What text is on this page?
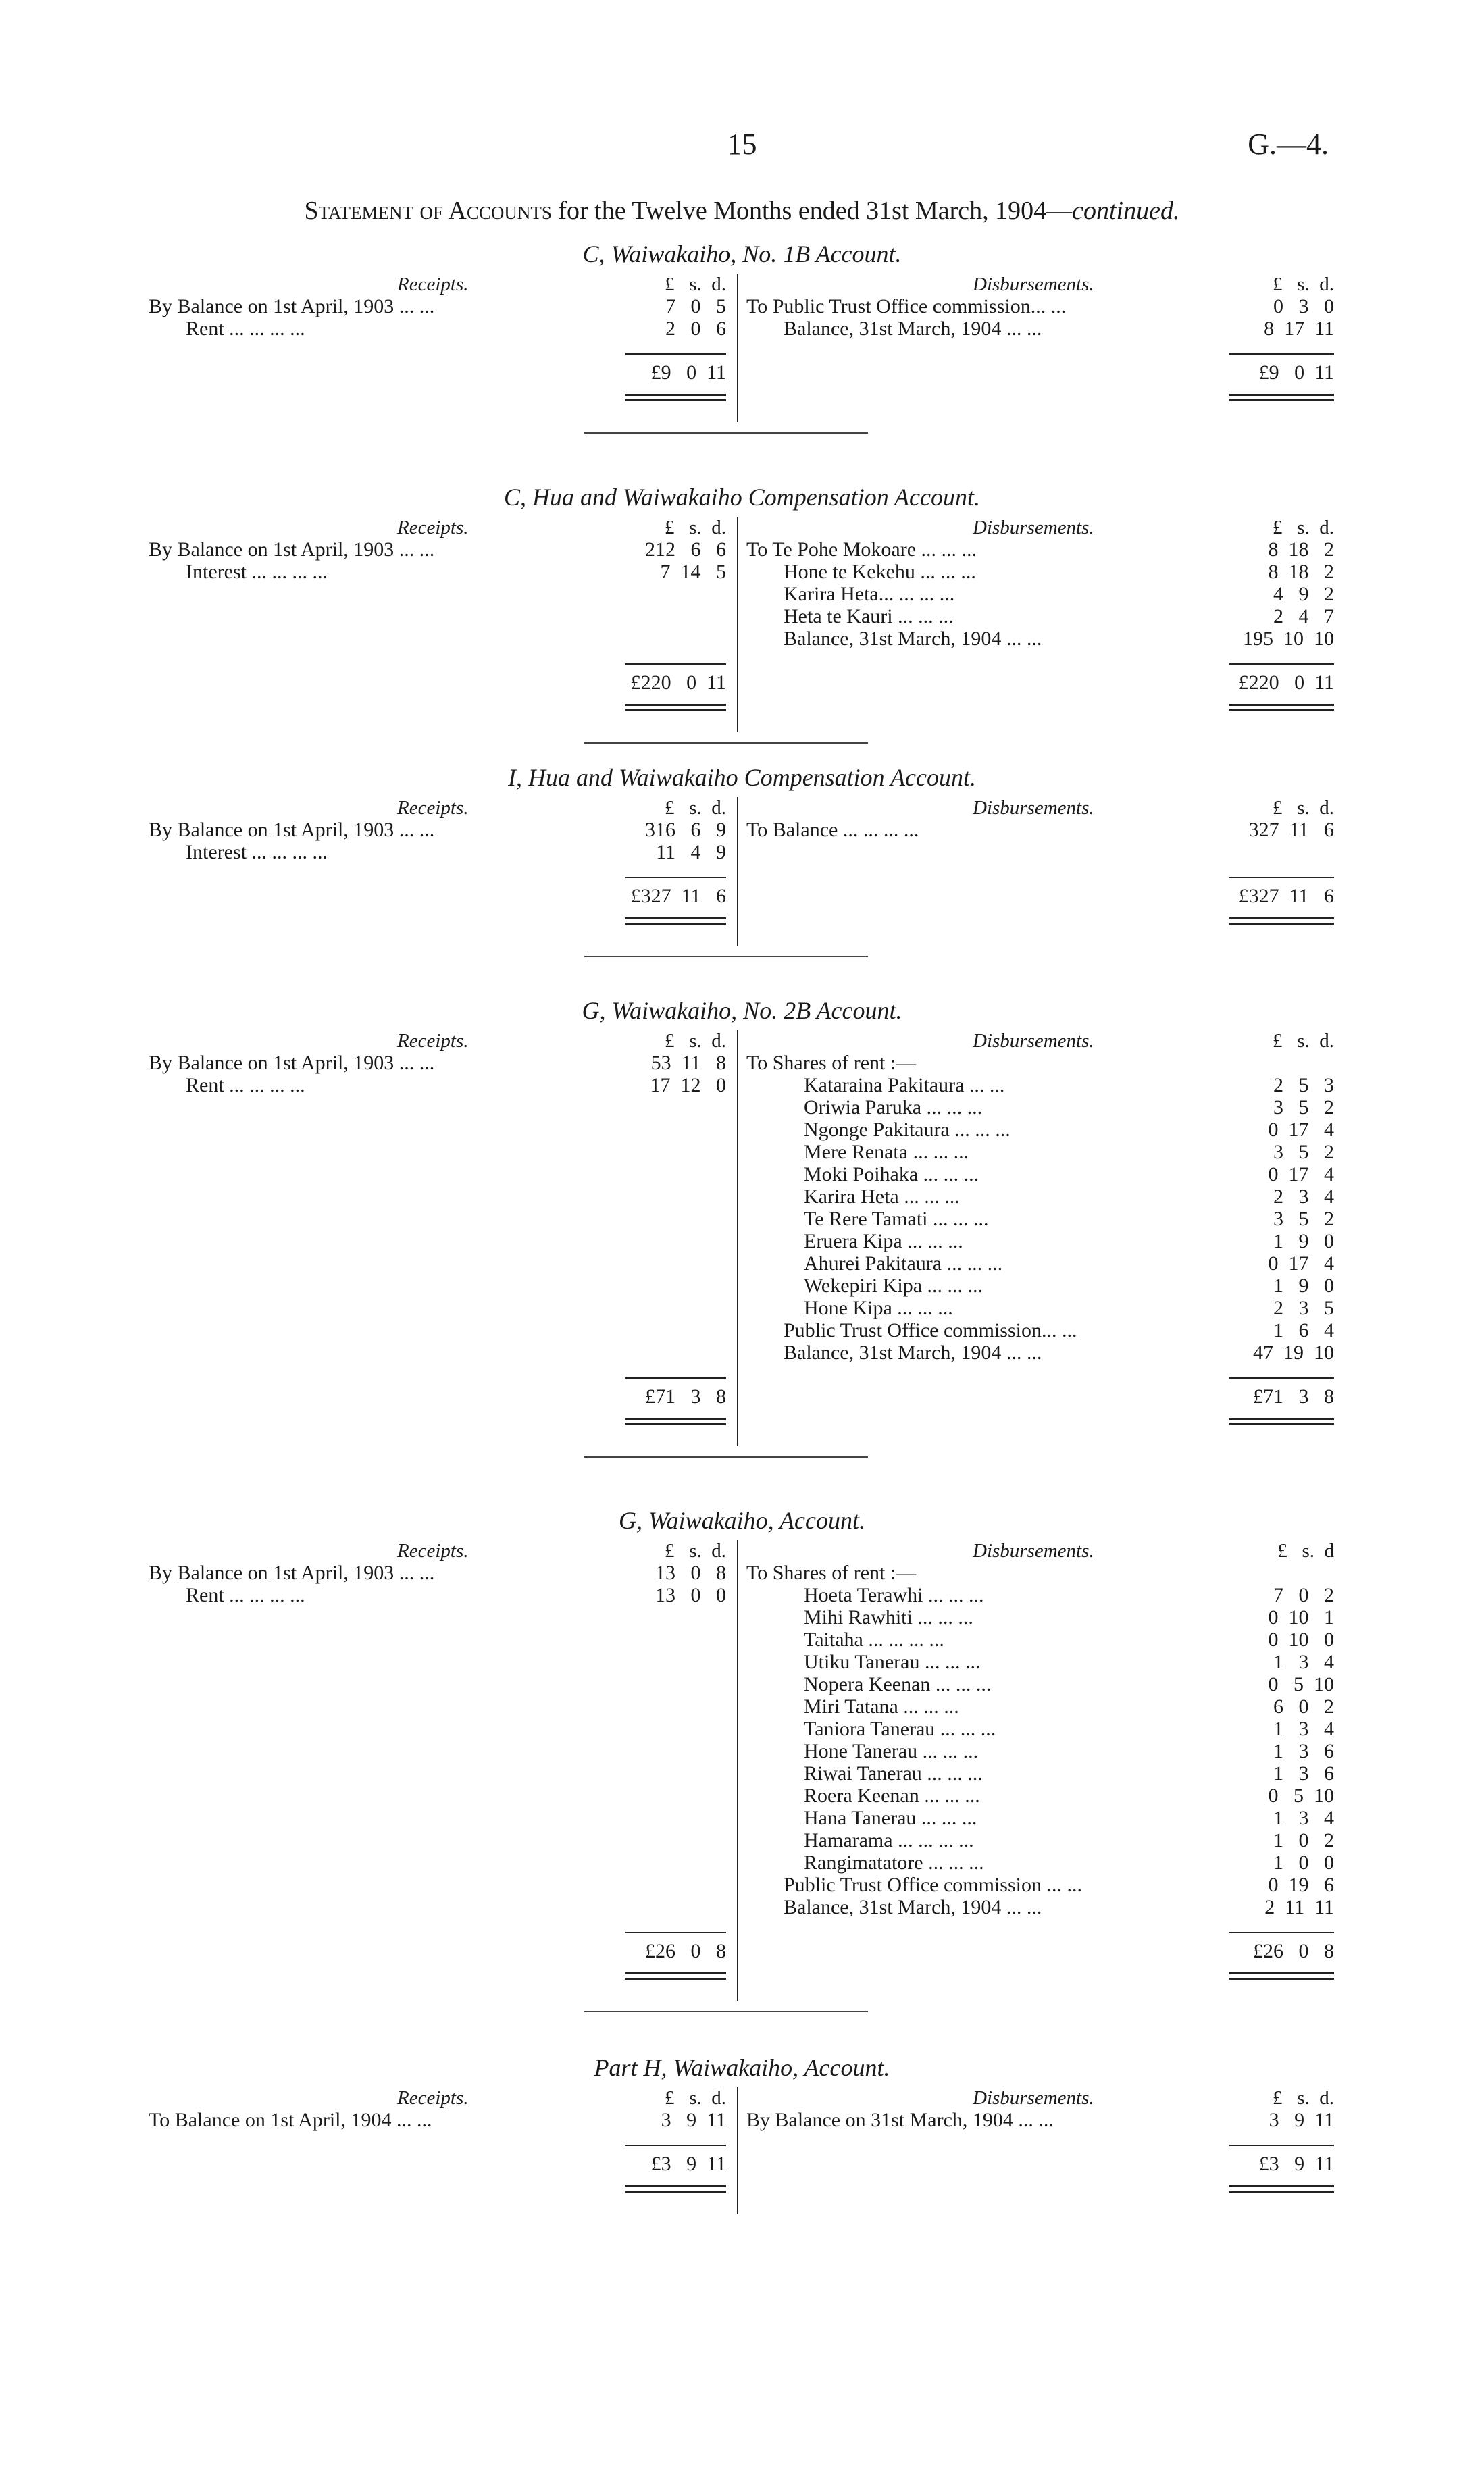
15	G.—4.
Statement of Accounts for the Twelve Months ended 31st March, 1904—continued.
C, Waiwakaiho, No. 1B Account.
Receipts.	£   s.  d.	Disbursements.	£   s.  d.
By Balance on 1st April, 1903 ... ...	7   0   5
Rent ... ... ... ...	2   0   6
To Public Trust Office commission... ...	0   3   0
Balance, 31st March, 1904 ... ...	8  17  11
£9   0  11	£9   0  11
C, Hua and Waiwakaiho Compensation Account.
Receipts.	£   s.  d.	Disbursements.	£   s.  d.
By Balance on 1st April, 1903 ... ...	212   6   6
Interest ... ... ... ...	7  14   5
To Te Pohe Mokoare ... ... ...	8  18   2
Hone te Kekehu ... ... ...	8  18   2
Karira Heta... ... ... ...	4   9   2
Heta te Kauri ... ... ...	2   4   7
Balance, 31st March, 1904 ... ...	195  10  10
£220   0  11	£220   0  11
I, Hua and Waiwakaiho Compensation Account.
Receipts.	£   s.  d.	Disbursements.	£   s.  d.
By Balance on 1st April, 1903 ... ...	316   6   9
Interest ... ... ... ...	11   4   9
To Balance ... ... ... ...	327  11   6
£327  11   6	£327  11   6
G, Waiwakaiho, No. 2B Account.
Receipts.	£   s.  d.	Disbursements.	£   s.  d.
By Balance on 1st April, 1903 ... ...	53  11   8
Rent ... ... ... ...	17  12   0
To Shares of rent :—
Kataraina Pakitaura ... ...	2   5   3
Oriwia Paruka ... ... ...	3   5   2
Ngonge Pakitaura ... ... ...	0  17   4
Mere Renata ... ... ...	3   5   2
Moki Poihaka ... ... ...	0  17   4
Karira Heta ... ... ...	2   3   4
Te Rere Tamati ... ... ...	3   5   2
Eruera Kipa ... ... ...	1   9   0
Ahurei Pakitaura ... ... ...	0  17   4
Wekepiri Kipa ... ... ...	1   9   0
Hone Kipa ... ... ...	2   3   5
Public Trust Office commission... ...	1   6   4
Balance, 31st March, 1904 ... ...	47  19  10
£71   3   8	£71   3   8
G, Waiwakaiho, Account.
Receipts.	£   s.  d.	Disbursements.	£   s.  d
By Balance on 1st April, 1903 ... ...	13   0   8
Rent ... ... ... ...	13   0   0
To Shares of rent :—
Hoeta Terawhi ... ... ...	7   0   2
Mihi Rawhiti ... ... ...	0  10   1
Taitaha ... ... ... ...	0  10   0
Utiku Tanerau ... ... ...	1   3   4
Nopera Keenan ... ... ...	0   5  10
Miri Tatana ... ... ...	6   0   2
Taniora Tanerau ... ... ...	1   3   4
Hone Tanerau ... ... ...	1   3   6
Riwai Tanerau ... ... ...	1   3   6
Roera Keenan ... ... ...	0   5  10
Hana Tanerau ... ... ...	1   3   4
Hamarama ... ... ... ...	1   0   2
Rangimatatore ... ... ...	1   0   0
Public Trust Office commission ... ...	0  19   6
Balance, 31st March, 1904 ... ...	2  11  11
£26   0   8	£26   0   8
Part H, Waiwakaiho, Account.
Receipts.	£   s.  d.	Disbursements.	£   s.  d.
To Balance on 1st April, 1904 ... ...	3   9  11 By Balance on 31st March, 1904 ... ...	3   9  11
£3   9  11	£3   9  11
